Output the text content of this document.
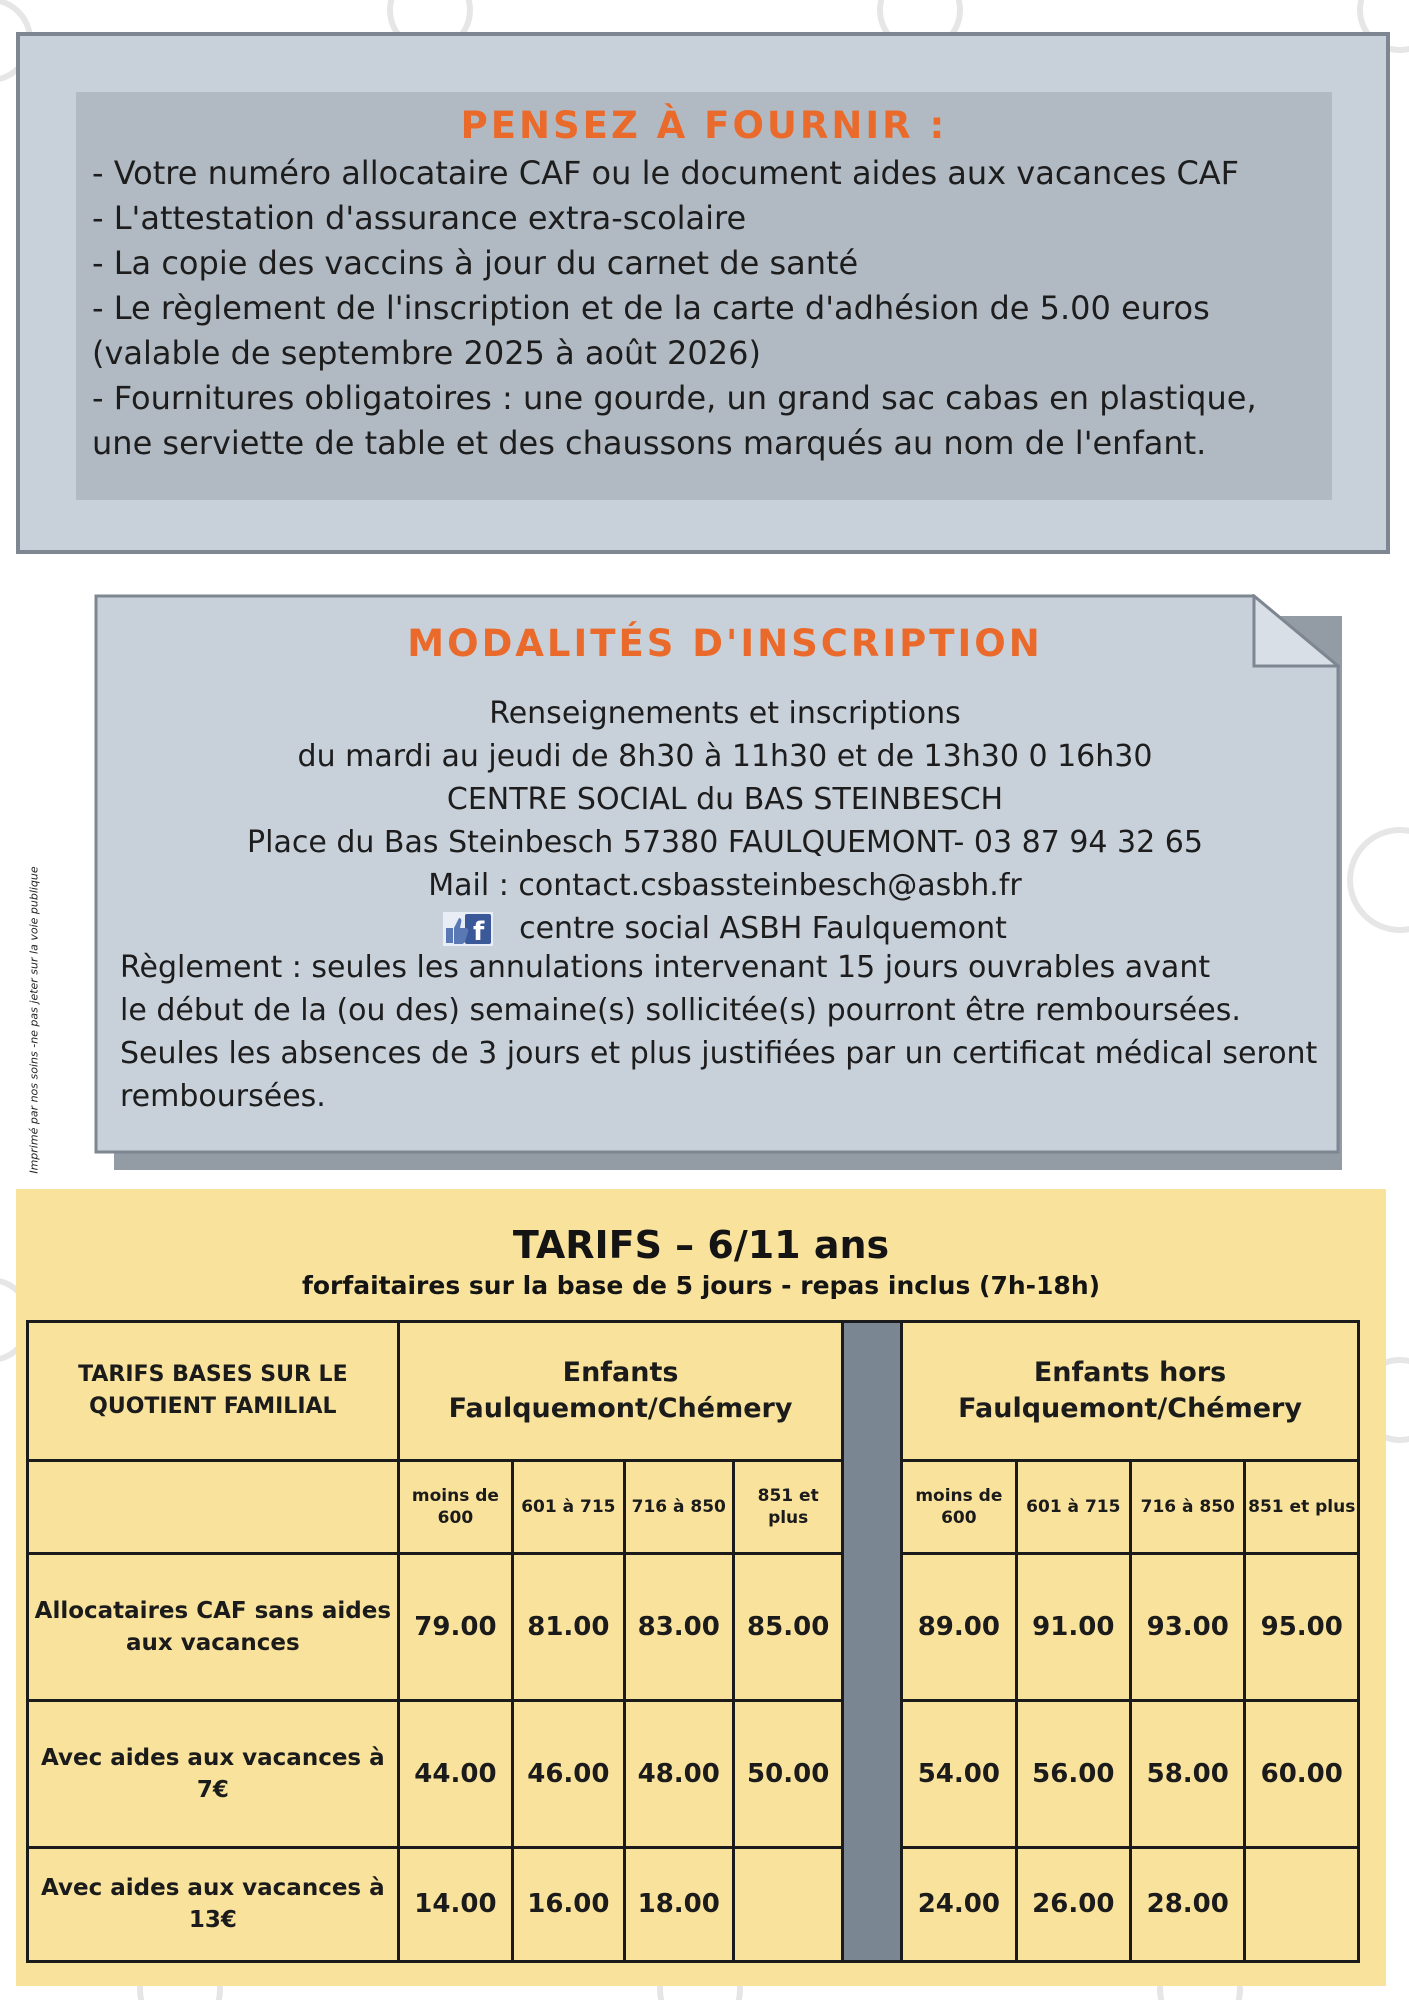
Imprimé par nos soins -ne pas jeter sur la voie publique
PENSEZ À FOURNIR :
- Votre numéro allocataire CAF ou le document aides aux vacances CAF
- L'attestation d'assurance extra-scolaire
- La copie des vaccins à jour du carnet de santé
- Le règlement de l'inscription et de la carte d'adhésion de 5.00 euros
(valable de septembre 2025 à août 2026)
- Fournitures obligatoires : une gourde, un grand sac cabas en plastique,
une serviette de table et des chaussons marqués au nom de l'enfant.
MODALITÉS D'INSCRIPTION
Renseignements et inscriptions
du mardi au jeudi de 8h30 à 11h30 et de 13h30 0 16h30
CENTRE SOCIAL du BAS STEINBESCH
Place du Bas Steinbesch 57380 FAULQUEMONT- 03 87 94 32 65
Mail : contact.csbassteinbesch@asbh.fr
f centre social ASBH Faulquemont
Règlement : seules les annulations intervenant 15 jours ouvrables avant
le début de la (ou des) semaine(s) sollicitée(s) pourront être remboursées.
Seules les absences de 3 jours et plus justifiées par un certificat médical seront
remboursées.
TARIFS – 6/11 ans
forfaitaires sur la base de 5 jours - repas inclus (7h-18h)
TARIFS BASES SUR LE QUOTIENT FAMILIAL	Enfants Faulquemont/Chémery					Enfants hors Faulquemont/Chémery			
	moins de 600	601 à 715	716 à 850	851 et plus		moins de 600	601 à 715	716 à 850	851 et plus
Allocataires CAF sans aides aux vacances	79.00	81.00	83.00	85.00		89.00	91.00	93.00	95.00
Avec aides aux vacances à 7€	44.00	46.00	48.00	50.00		54.00	56.00	58.00	60.00
Avec aides aux vacances à 13€	14.00	16.00	18.00			24.00	26.00	28.00	
